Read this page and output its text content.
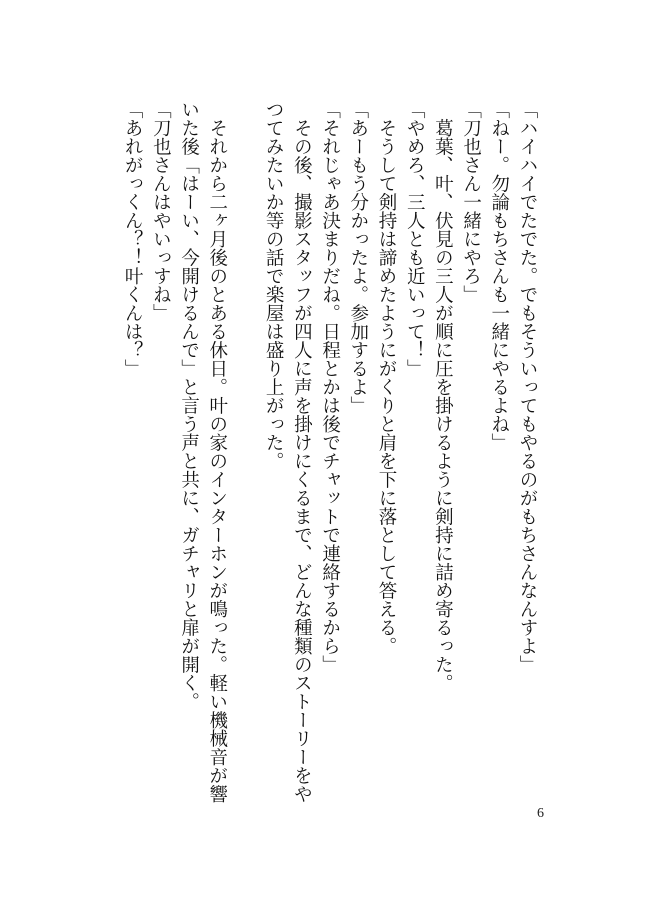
「ハイハイでたでた。でもそういってもやるのがもちさんなんすよ」
「ねー。勿論もちさんも一緒にやるよね」
「刀也さん一緒にやろ」
　葛葉、叶、伏見の三人が順に圧を掛けるように剣持に詰め寄るった。
「やめろ、三人とも近いって！」
　そうして剣持は諦めたようにがくりと肩を下に落として答える。
「あーもう分かったよ。参加するよ」
「それじゃあ決まりだね。日程とかは後でチャットで連絡するから」
　その後、撮影スタッフが四人に声を掛けにくるまで、どんな種類のストーリーをや
つてみたいか等の話で楽屋は盛り上がった。
　それから二ヶ月後のとある休日。叶の家のインターホンが鳴った。軽い機械音が響
いた後「はーい、今開けるんで」と言う声と共に、ガチャリと扉が開く。
「刀也さんはやいっすね」
「あれがっくん？！叶くんは？」
6
